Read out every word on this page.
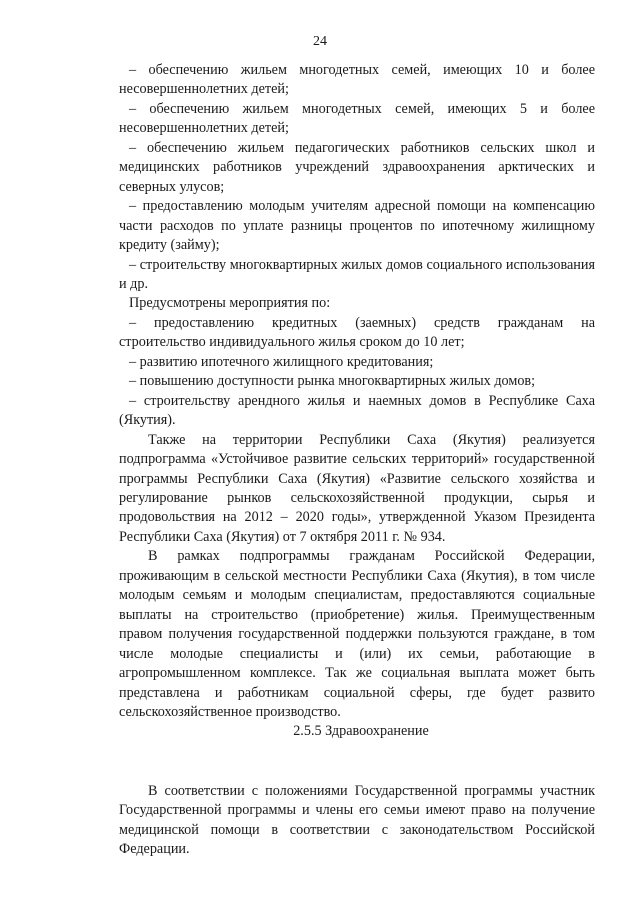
24

– обеспечению жильем многодетных семей, имеющих 10 и более несовершеннолетних детей;

– обеспечению жильем многодетных семей, имеющих 5 и более несовершеннолетних детей;

– обеспечению жильем педагогических работников сельских школ и медицинских работников учреждений здравоохранения арктических и северных улусов;

– предоставлению молодым учителям адресной помощи на компенсацию части расходов по уплате разницы процентов по ипотечному жилищному кредиту (займу);

– строительству многоквартирных жилых домов социального использования и др.

Предусмотрены мероприятия по:

– предоставлению кредитных (заемных) средств гражданам на строительство индивидуального жилья сроком до 10 лет;

– развитию ипотечного жилищного кредитования;

– повышению доступности рынка многоквартирных жилых домов;

– строительству арендного жилья и наемных домов в Республике Саха (Якутия).

Также на территории Республики Саха (Якутия) реализуется подпрограмма «Устойчивое развитие сельских территорий» государственной программы Республики Саха (Якутия) «Развитие сельского хозяйства и регулирование рынков сельскохозяйственной продукции, сырья и продовольствия на 2012 – 2020 годы», утвержденной Указом Президента Республики Саха (Якутия) от 7 октября 2011 г. № 934.

В рамках подпрограммы гражданам Российской Федерации, проживающим в сельской местности Республики Саха (Якутия), в том числе молодым семьям и молодым специалистам, предоставляются социальные выплаты на строительство (приобретение) жилья. Преимущественным правом получения государственной поддержки пользуются граждане, в том числе молодые специалисты и (или) их семьи, работающие в агропромышленном комплексе. Так же социальная выплата может быть представлена и работникам социальной сферы, где будет развито сельскохозяйственное производство.

2.5.5 Здравоохранение

В соответствии с положениями Государственной программы участник Государственной программы и члены его семьи имеют право на получение медицинской помощи в соответствии с законодательством Российской Федерации.
